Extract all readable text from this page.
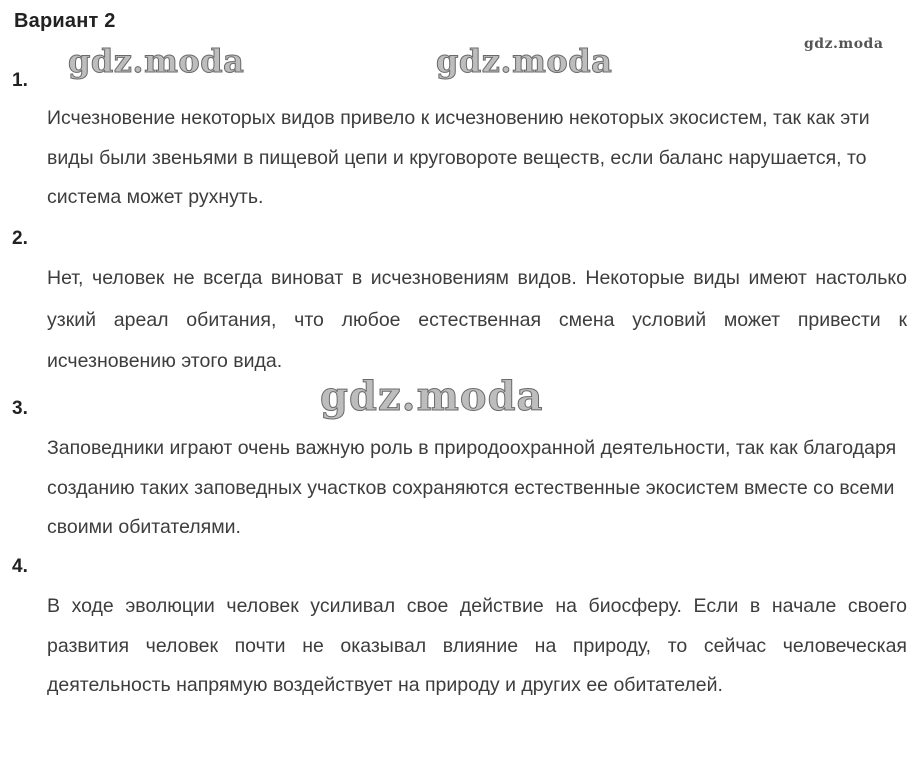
Вариант 2
gdz.moda	gdz.moda	gdz.moda
gdz.moda
1.
Исчезновение некоторых видов привело к исчезновению некоторых экосистем, так как эти виды были звеньями в пищевой цепи и круговороте веществ, если баланс нарушается, то система может рухнуть.
2.
Нет, человек не всегда виноват в исчезновениям видов. Некоторые виды имеют настолько узкий ареал обитания, что любое естественная смена условий может привести к исчезновению этого вида.
3.
Заповедники играют очень важную роль в природоохранной деятельности, так как благодаря созданию таких заповедных участков сохраняются естественные экосистем вместе со всеми своими обитателями.
4.
В ходе эволюции человек усиливал свое действие на биосферу. Если в начале своего развития человек почти не оказывал влияние на природу, то сейчас человеческая деятельность напрямую воздействует на природу и других ее обитателей.
